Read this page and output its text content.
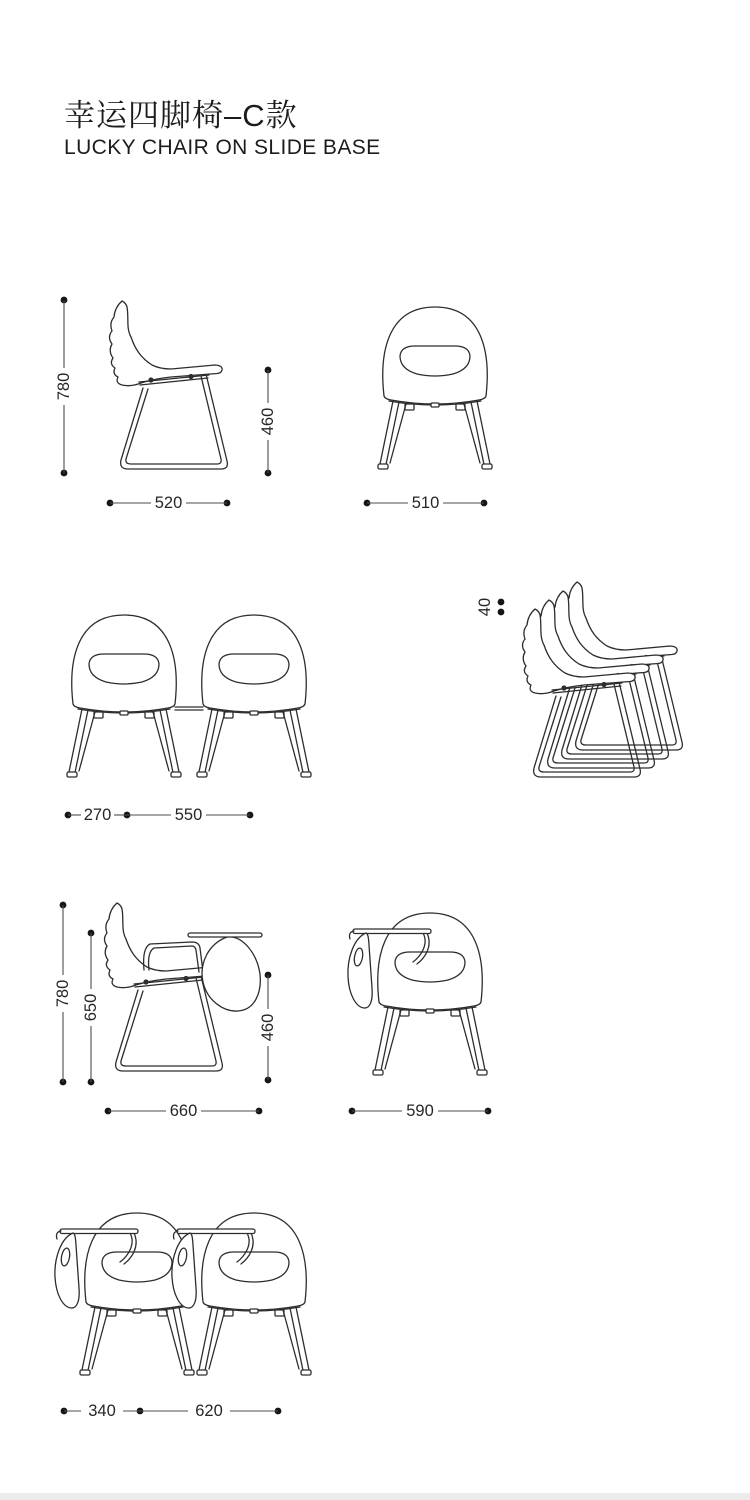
幸运四脚椅–C款
LUCKY CHAIR ON SLIDE BASE
780
460
520	510
40
270	550
780
650
460
660	590
340	620
